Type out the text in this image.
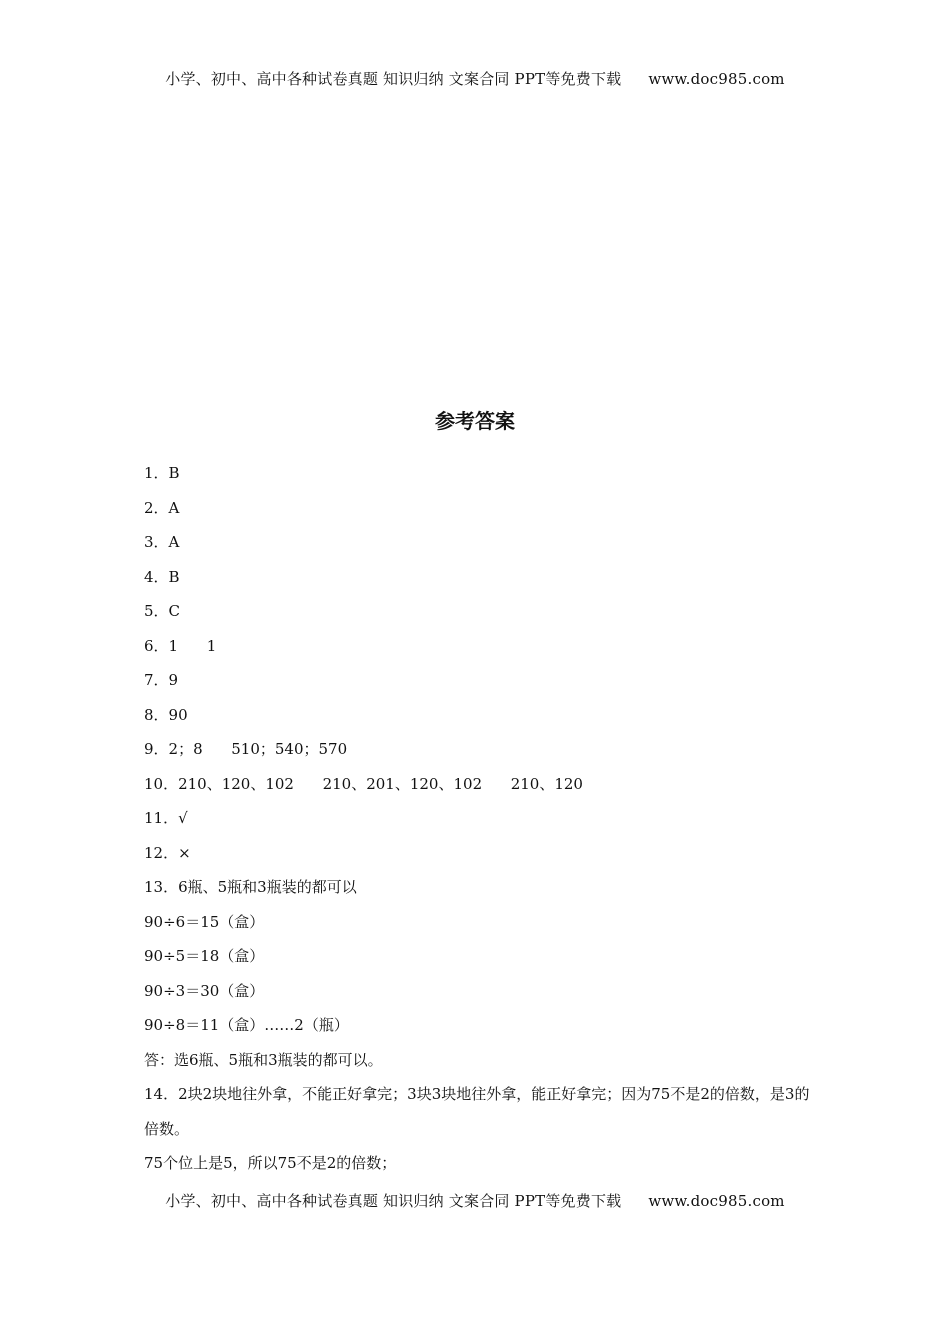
小学、初中、高中各种试卷真题 知识归纳 文案合同 PPT等免费下载 www.doc985.com
参考答案
1．B
2．A
3．A
4．B
5．C
6．1      1
7．9
8．90
9．2；8      510；540；570
10．210、120、102      210、201、120、102      210、120
11．√
12．×
13．6瓶、5瓶和3瓶装的都可以
90÷6＝15（盒）
90÷5＝18（盒）
90÷3＝30（盒）
90÷8＝11（盒）……2（瓶）
答：选6瓶、5瓶和3瓶装的都可以。
14．2块2块地往外拿，不能正好拿完；3块3块地往外拿，能正好拿完；因为75不是2的倍数，是3的倍数。
75个位上是5，所以75不是2的倍数；
小学、初中、高中各种试卷真题 知识归纳 文案合同 PPT等免费下载 www.doc985.com
